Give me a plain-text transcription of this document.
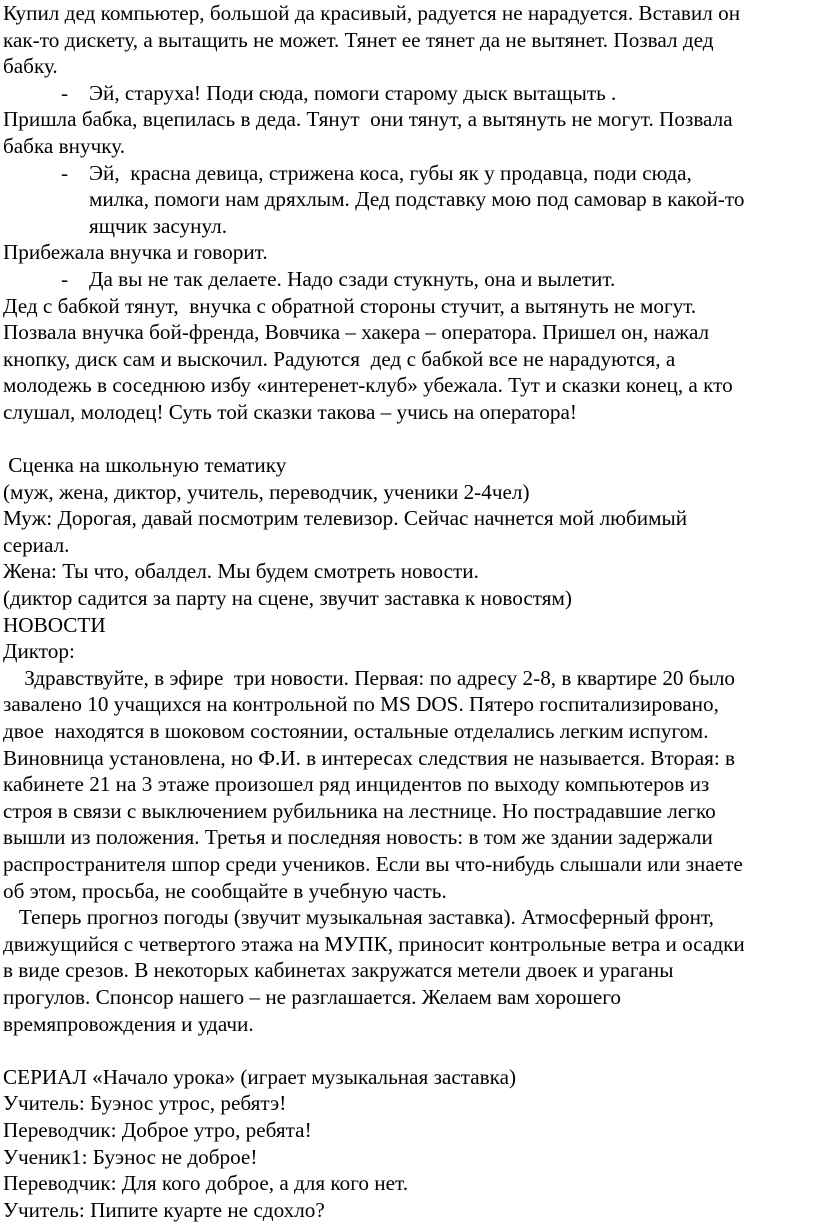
Купил дед компьютер, большой да красивый, радуется не нарадуется. Вставил он
как-то дискету, а вытащить не может. Тянет ее тянет да не вытянет. Позвал дед
бабку.

-

Эй, старуха! Поди сюда, помоги старому дыск вытащыть .

Пришла бабка, вцепилась в деда. Тянут  они тянут, а вытянуть не могут. Позвала
бабка внучку.

-

Эй,  красна девица, стрижена коса, губы як у продавца, поди сюда,

милка, помоги нам дряхлым. Дед подставку мою под самовар в какой-то
ящчик засунул.
Прибежала внучка и говорит.

-

Да вы не так делаете. Надо сзади стукнуть, она и вылетит.

Дед с бабкой тянут,  внучка с обратной стороны стучит, а вытянуть не могут.
Позвала внучка бой-френда, Вовчика – хакера – оператора. Пришел он, нажал
кнопку, диск сам и выскочил. Радуются  дед с бабкой все не нарадуются, а
молодежь в соседнюю избу «интеренет-клуб» убежала. Тут и сказки конец, а кто
слушал, молодец! Суть той сказки такова – учись на оператора!
Сценка на школьную тематику
(муж, жена, диктор, учитель, переводчик, ученики 2-4чел)
Муж: Дорогая, давай посмотрим телевизор. Сейчас начнется мой любимый
сериал.
Жена: Ты что, обалдел. Мы будем смотреть новости.
(диктор садится за парту на сцене, звучит заставка к новостям)
НОВОСТИ
Диктор:
Здравствуйте, в эфире  три новости. Первая: по адресу 2-8, в квартире 20 было
завалено 10 учащихся на контрольной по MS DOS. Пятеро госпитализировано,
двое  находятся в шоковом состоянии, остальные отделались легким испугом.
Виновница установлена, но Ф.И. в интересах следствия не называется. Вторая: в
кабинете 21 на 3 этаже произошел ряд инцидентов по выходу компьютеров из
строя в связи с выключением рубильника на лестнице. Но пострадавшие легко
вышли из положения. Третья и последняя новость: в том же здании задержали
распространителя шпор среди учеников. Если вы что-нибудь слышали или знаете
об этом, просьба, не сообщайте в учебную часть.
Теперь прогноз погоды (звучит музыкальная заставка). Атмосферный фронт,
движущийся с четвертого этажа на МУПК, приносит контрольные ветра и осадки
в виде срезов. В некоторых кабинетах закружатся метели двоек и ураганы
прогулов. Спонсор нашего – не разглашается. Желаем вам хорошего
времяпровождения и удачи.
СЕРИАЛ «Начало урока» (играет музыкальная заставка)
Учитель: Буэнос утрос, ребятэ!
Переводчик: Доброе утро, ребята!
Ученик1: Буэнос не доброе!
Переводчик: Для кого доброе, а для кого нет.
Учитель: Пипите куарте не сдохло?
